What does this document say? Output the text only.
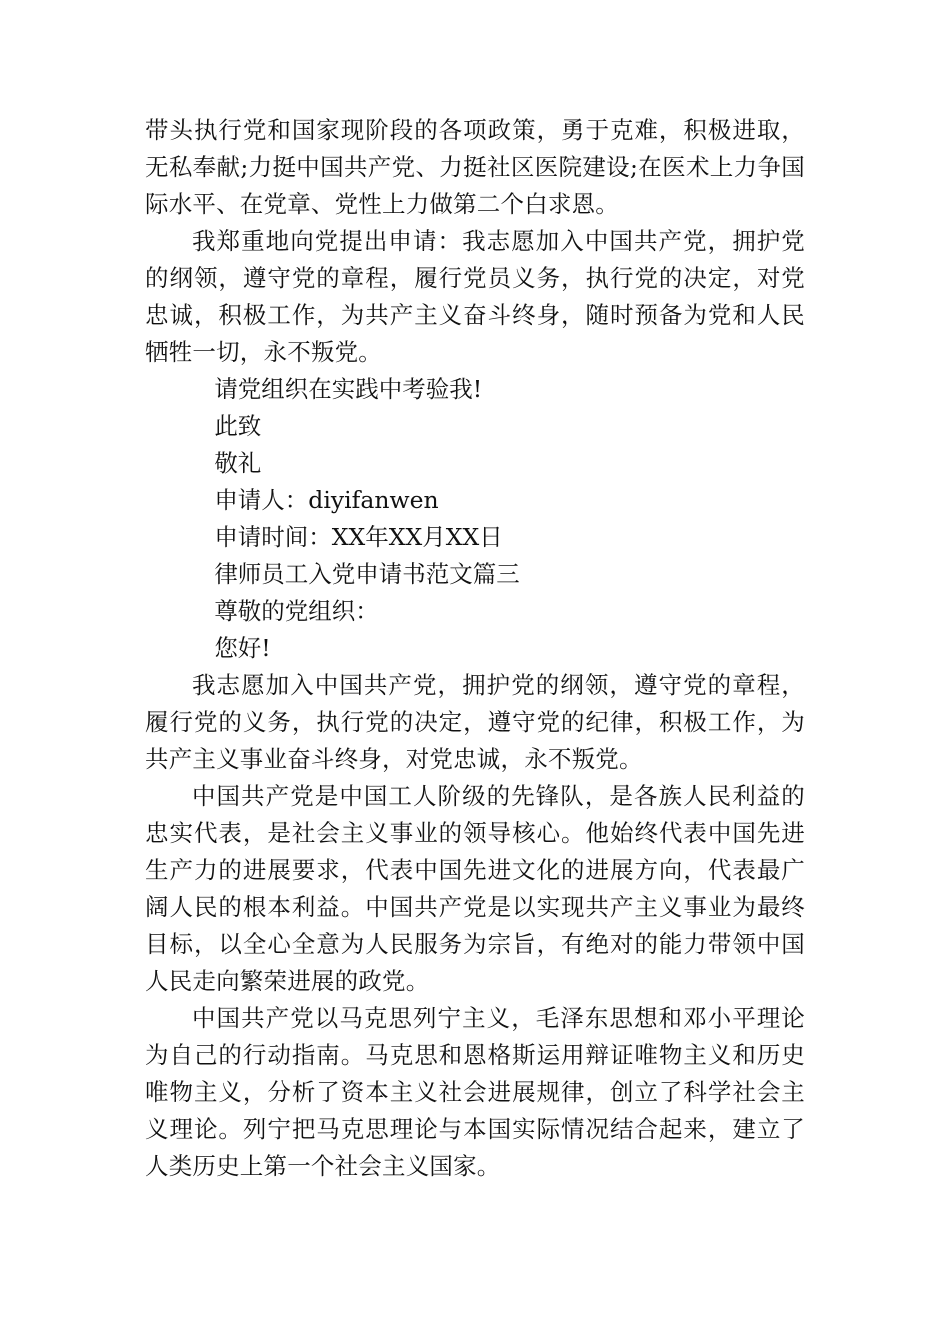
带头执行党和国家现阶段的各项政策，勇于克难，积极进取，无私奉献;力挺中国共产党、力挺社区医院建设;在医术上力争国际水平、在党章、党性上力做第二个白求恩。

我郑重地向党提出申请：我志愿加入中国共产党，拥护党的纲领，遵守党的章程，履行党员义务，执行党的决定，对党忠诚，积极工作，为共产主义奋斗终身，随时预备为党和人民牺牲一切，永不叛党。

请党组织在实践中考验我!

此致

敬礼

申请人：diyifanwen

申请时间：XX年XX月XX日

律师员工入党申请书范文篇三

尊敬的党组织：

您好!

我志愿加入中国共产党，拥护党的纲领，遵守党的章程，履行党的义务，执行党的决定，遵守党的纪律，积极工作，为共产主义事业奋斗终身，对党忠诚，永不叛党。

中国共产党是中国工人阶级的先锋队，是各族人民利益的忠实代表，是社会主义事业的领导核心。他始终代表中国先进生产力的进展要求，代表中国先进文化的进展方向，代表最广阔人民的根本利益。中国共产党是以实现共产主义事业为最终目标，以全心全意为人民服务为宗旨，有绝对的能力带领中国人民走向繁荣进展的政党。

中国共产党以马克思列宁主义，毛泽东思想和邓小平理论为自己的行动指南。马克思和恩格斯运用辩证唯物主义和历史唯物主义，分析了资本主义社会进展规律，创立了科学社会主义理论。列宁把马克思理论与本国实际情况结合起来，建立了人类历史上第一个社会主义国家。
